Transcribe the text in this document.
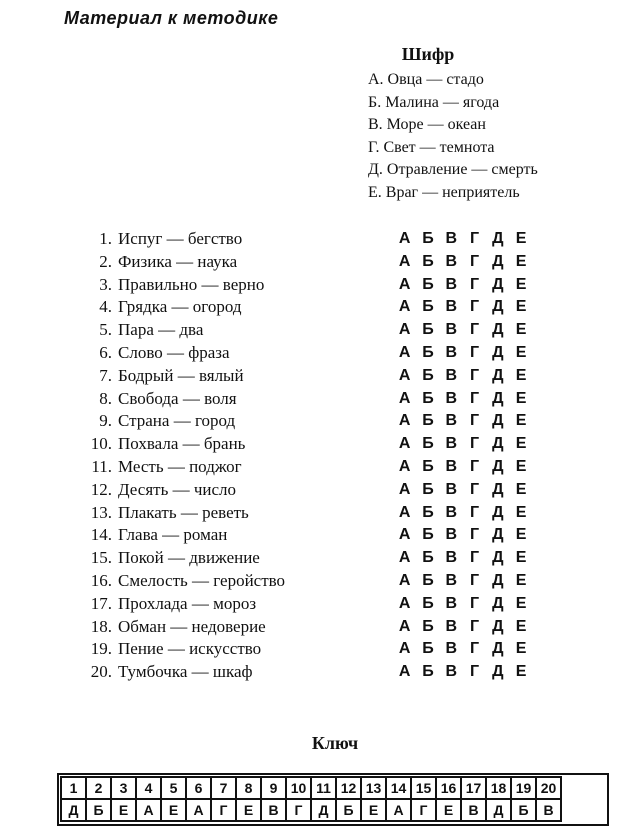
Материал к методике
Шифр
А. Овца — стадо
Б. Малина — ягода
В. Море — океан
Г. Свет — темнота
Д. Отравление — смерть
Е. Враг — неприятель
1. Испуг — бегство	А Б В Г Д Е
2. Физика — наука	А Б В Г Д Е
3. Правильно — верно	А Б В Г Д Е
4. Грядка — огород	А Б В Г Д Е
5. Пара — два	А Б В Г Д Е
6. Слово — фраза	А Б В Г Д Е
7. Бодрый — вялый	А Б В Г Д Е
8. Свобода — воля	А Б В Г Д Е
9. Страна — город	А Б В Г Д Е
10. Похвала — брань	А Б В Г Д Е
11. Месть — поджог	А Б В Г Д Е
12. Десять — число	А Б В Г Д Е
13. Плакать — реветь	А Б В Г Д Е
14. Глава — роман	А Б В Г Д Е
15. Покой — движение	А Б В Г Д Е
16. Смелость — геройство	А Б В Г Д Е
17. Прохлада — мороз	А Б В Г Д Е
18. Обман — недоверие	А Б В Г Д Е
19. Пение — искусство	А Б В Г Д Е
20. Тумбочка — шкаф	А Б В Г Д Е
Ключ
1	2	3	4	5	6	7	8	9	10	11	12	13	14	15	16	17	18	19	20
Д	Б	Е	А	Е	А	Г	Е	В	Г	Д	Б	Е	А	Г	Е	В	Д	Б	В
